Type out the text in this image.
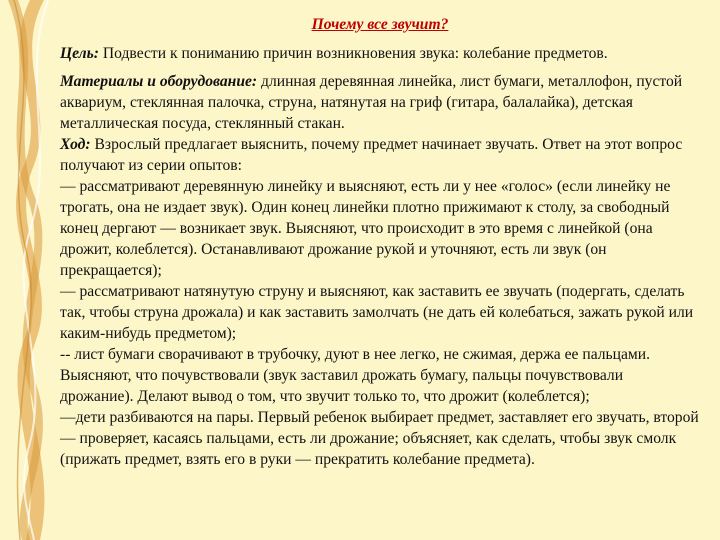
Почему все звучит?

Цель: Подвести к пониманию причин возникновения звука: колебание предметов.

Материалы и оборудование: длинная деревянная линейка, лист бумаги, металлофон, пустой аквариум, стеклянная палочка, струна, натянутая на гриф (гитара, балалайка), детская металлическая посуда, стеклянный стакан.

Ход: Взрослый предлагает выяснить, почему предмет начинает звучать. Ответ на этот вопрос получают из серии опытов:

— рассматривают деревянную линейку и выясняют, есть ли у нее «голос» (если линейку не трогать, она не издает звук). Один конец линейки плотно прижимают к столу, за свободный конец дергают — возникает звук. Выясняют, что происходит в это время с линейкой (она дрожит, колеблется). Останавливают дрожание рукой и уточняют, есть ли звук (он прекращается);

— рассматривают натянутую струну и выясняют, как заставить ее звучать (подергать, сделать так, чтобы струна дрожала) и как заставить замолчать (не дать ей колебаться, зажать рукой или каким-нибудь предметом);

-- лист бумаги сворачивают в трубочку, дуют в нее легко, не сжимая, держа ее пальцами. Выясняют, что почувствовали (звук заставил дрожать бумагу, пальцы почувствовали дрожание). Делают вывод о том, что звучит только то, что дрожит (колеблется);

—дети разбиваются на пары. Первый ребенок выбирает предмет, заставляет его звучать, второй — проверяет, касаясь пальцами, есть ли дрожание; объясняет, как сделать, чтобы звук смолк (прижать предмет, взять его в руки — прекратить колебание предмета).
